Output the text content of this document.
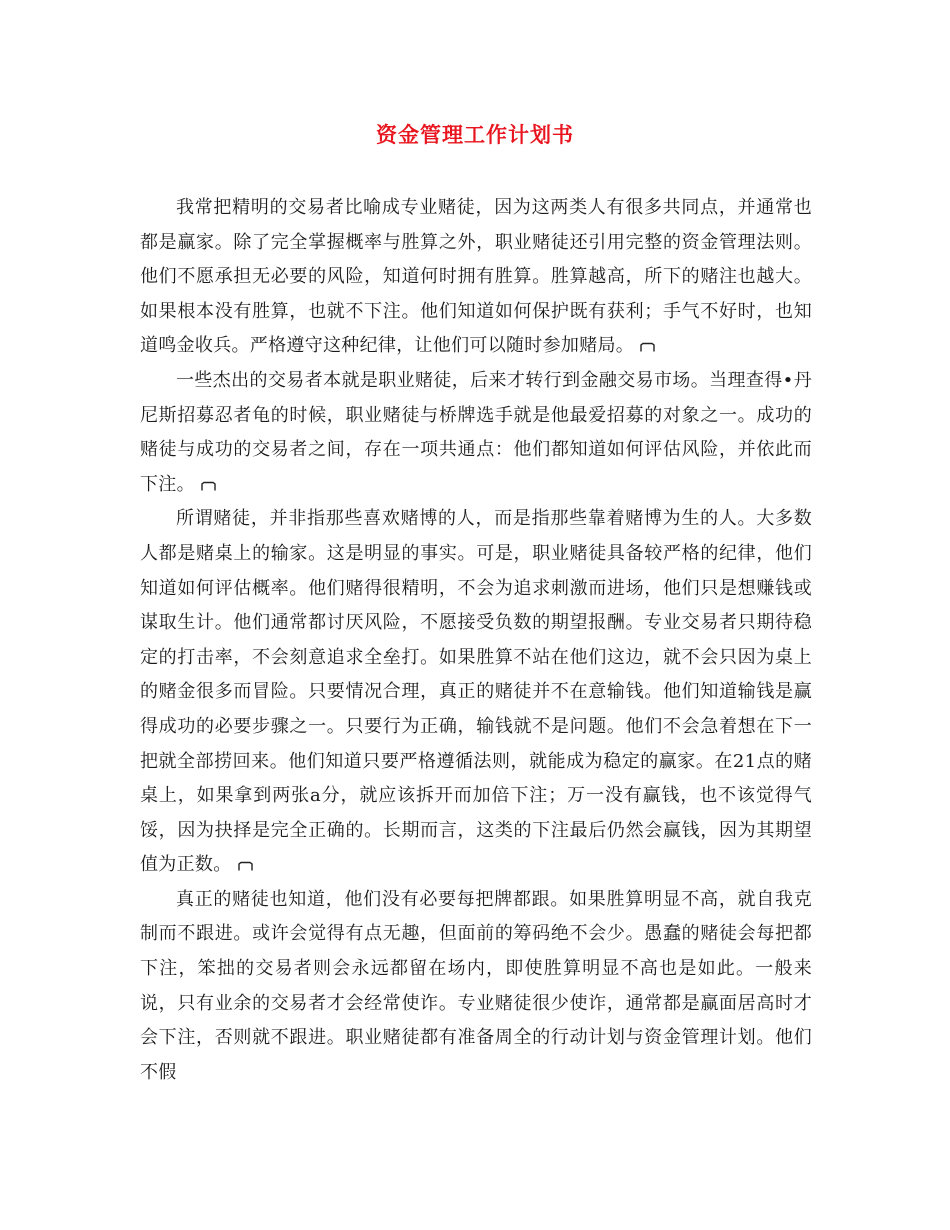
资金管理工作计划书

我常把精明的交易者比喻成专业赌徒，因为这两类人有很多共同点，并通常也都是赢家。除了完全掌握概率与胜算之外，职业赌徒还引用完整的资金管理法则。他们不愿承担无必要的风险，知道何时拥有胜算。胜算越高，所下的赌注也越大。如果根本没有胜算，也就不下注。他们知道如何保护既有获利；手气不好时，也知道鸣金收兵。严格遵守这种纪律，让他们可以随时参加赌局。

一些杰出的交易者本就是职业赌徒，后来才转行到金融交易市场。当理查得•丹尼斯招募忍者龟的时候，职业赌徒与桥牌选手就是他最爱招募的对象之一。成功的赌徒与成功的交易者之间，存在一项共通点：他们都知道如何评估风险，并依此而下注。

所谓赌徒，并非指那些喜欢赌博的人，而是指那些靠着赌博为生的人。大多数人都是赌桌上的输家。这是明显的事实。可是，职业赌徒具备较严格的纪律，他们知道如何评估概率。他们赌得很精明，不会为追求刺激而进场，他们只是想赚钱或谋取生计。他们通常都讨厌风险，不愿接受负数的期望报酬。专业交易者只期待稳定的打击率，不会刻意追求全垒打。如果胜算不站在他们这边，就不会只因为桌上的赌金很多而冒险。只要情况合理，真正的赌徒并不在意输钱。他们知道输钱是赢得成功的必要步骤之一。只要行为正确，输钱就不是问题。他们不会急着想在下一把就全部捞回来。他们知道只要严格遵循法则，就能成为稳定的赢家。在21点的赌桌上，如果拿到两张a分，就应该拆开而加倍下注；万一没有赢钱，也不该觉得气馁，因为抉择是完全正确的。长期而言，这类的下注最后仍然会赢钱，因为其期望值为正数。

真正的赌徒也知道，他们没有必要每把牌都跟。如果胜算明显不高，就自我克制而不跟进。或许会觉得有点无趣，但面前的筹码绝不会少。愚蠢的赌徒会每把都下注，笨拙的交易者则会永远都留在场内，即使胜算明显不高也是如此。一般来说，只有业余的交易者才会经常使诈。专业赌徒很少使诈，通常都是赢面居高时才会下注，否则就不跟进。职业赌徒都有准备周全的行动计划与资金管理计划。他们不假
